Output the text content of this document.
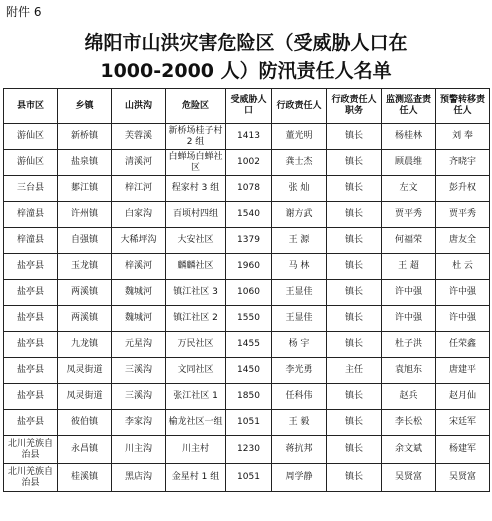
附件 6
绵阳市山洪灾害危险区（受威胁人口在
1000-2000 人）防汛责任人名单
县市区	乡镇	山洪沟	危险区	受威胁人口	行政责任人	行政责任人职务	监测巡查责任人	预警转移责任人
游仙区	新桥镇	芙蓉溪	新桥场桂子村 2 组	1413	董光明	镇长	杨桂林	刘 奉
游仙区	盐泉镇	清溪河	白蝉场白蝉社区	1002	龚士杰	镇长	顾晨维	齐晓宇
三台县	郪江镇	梓江河	程家村 3 组	1078	张 灿	镇长	左文	彭升权
梓潼县	许州镇	白家沟	百顷村四组	1540	谢方武	镇长	贾平秀	贾平秀
梓潼县	自强镇	大稀坪沟	大安社区	1379	王 源	镇长	何福荣	唐友全
盐亭县	玉龙镇	梓溪河	麟麟社区	1960	马 林	镇长	王 超	杜 云
盐亭县	两溪镇	魏城河	镇江社区 3	1060	王显佳	镇长	许中强	许中强
盐亭县	两溪镇	魏城河	镇江社区 2	1550	王显佳	镇长	许中强	许中强
盐亭县	九龙镇	元星沟	万民社区	1455	杨 宇	镇长	杜子洪	任荣鑫
盐亭县	凤灵街道	三溪沟	文同社区	1450	李光勇	主任	袁旭东	唐建平
盐亭县	凤灵街道	三溪沟	张江社区 1	1850	任科伟	镇长	赵兵	赵月仙
盐亭县	彼伯镇	李家沟	榆龙社区一组	1051	王 毅	镇长	李长松	宋廷军
北川羌族自治县	永昌镇	川主沟	川主村	1230	蒋抗邦	镇长	余文斌	杨建军
北川羌族自治县	桂溪镇	黑店沟	金星村 1 组	1051	周学静	镇长	吴贤富	吴贤富
